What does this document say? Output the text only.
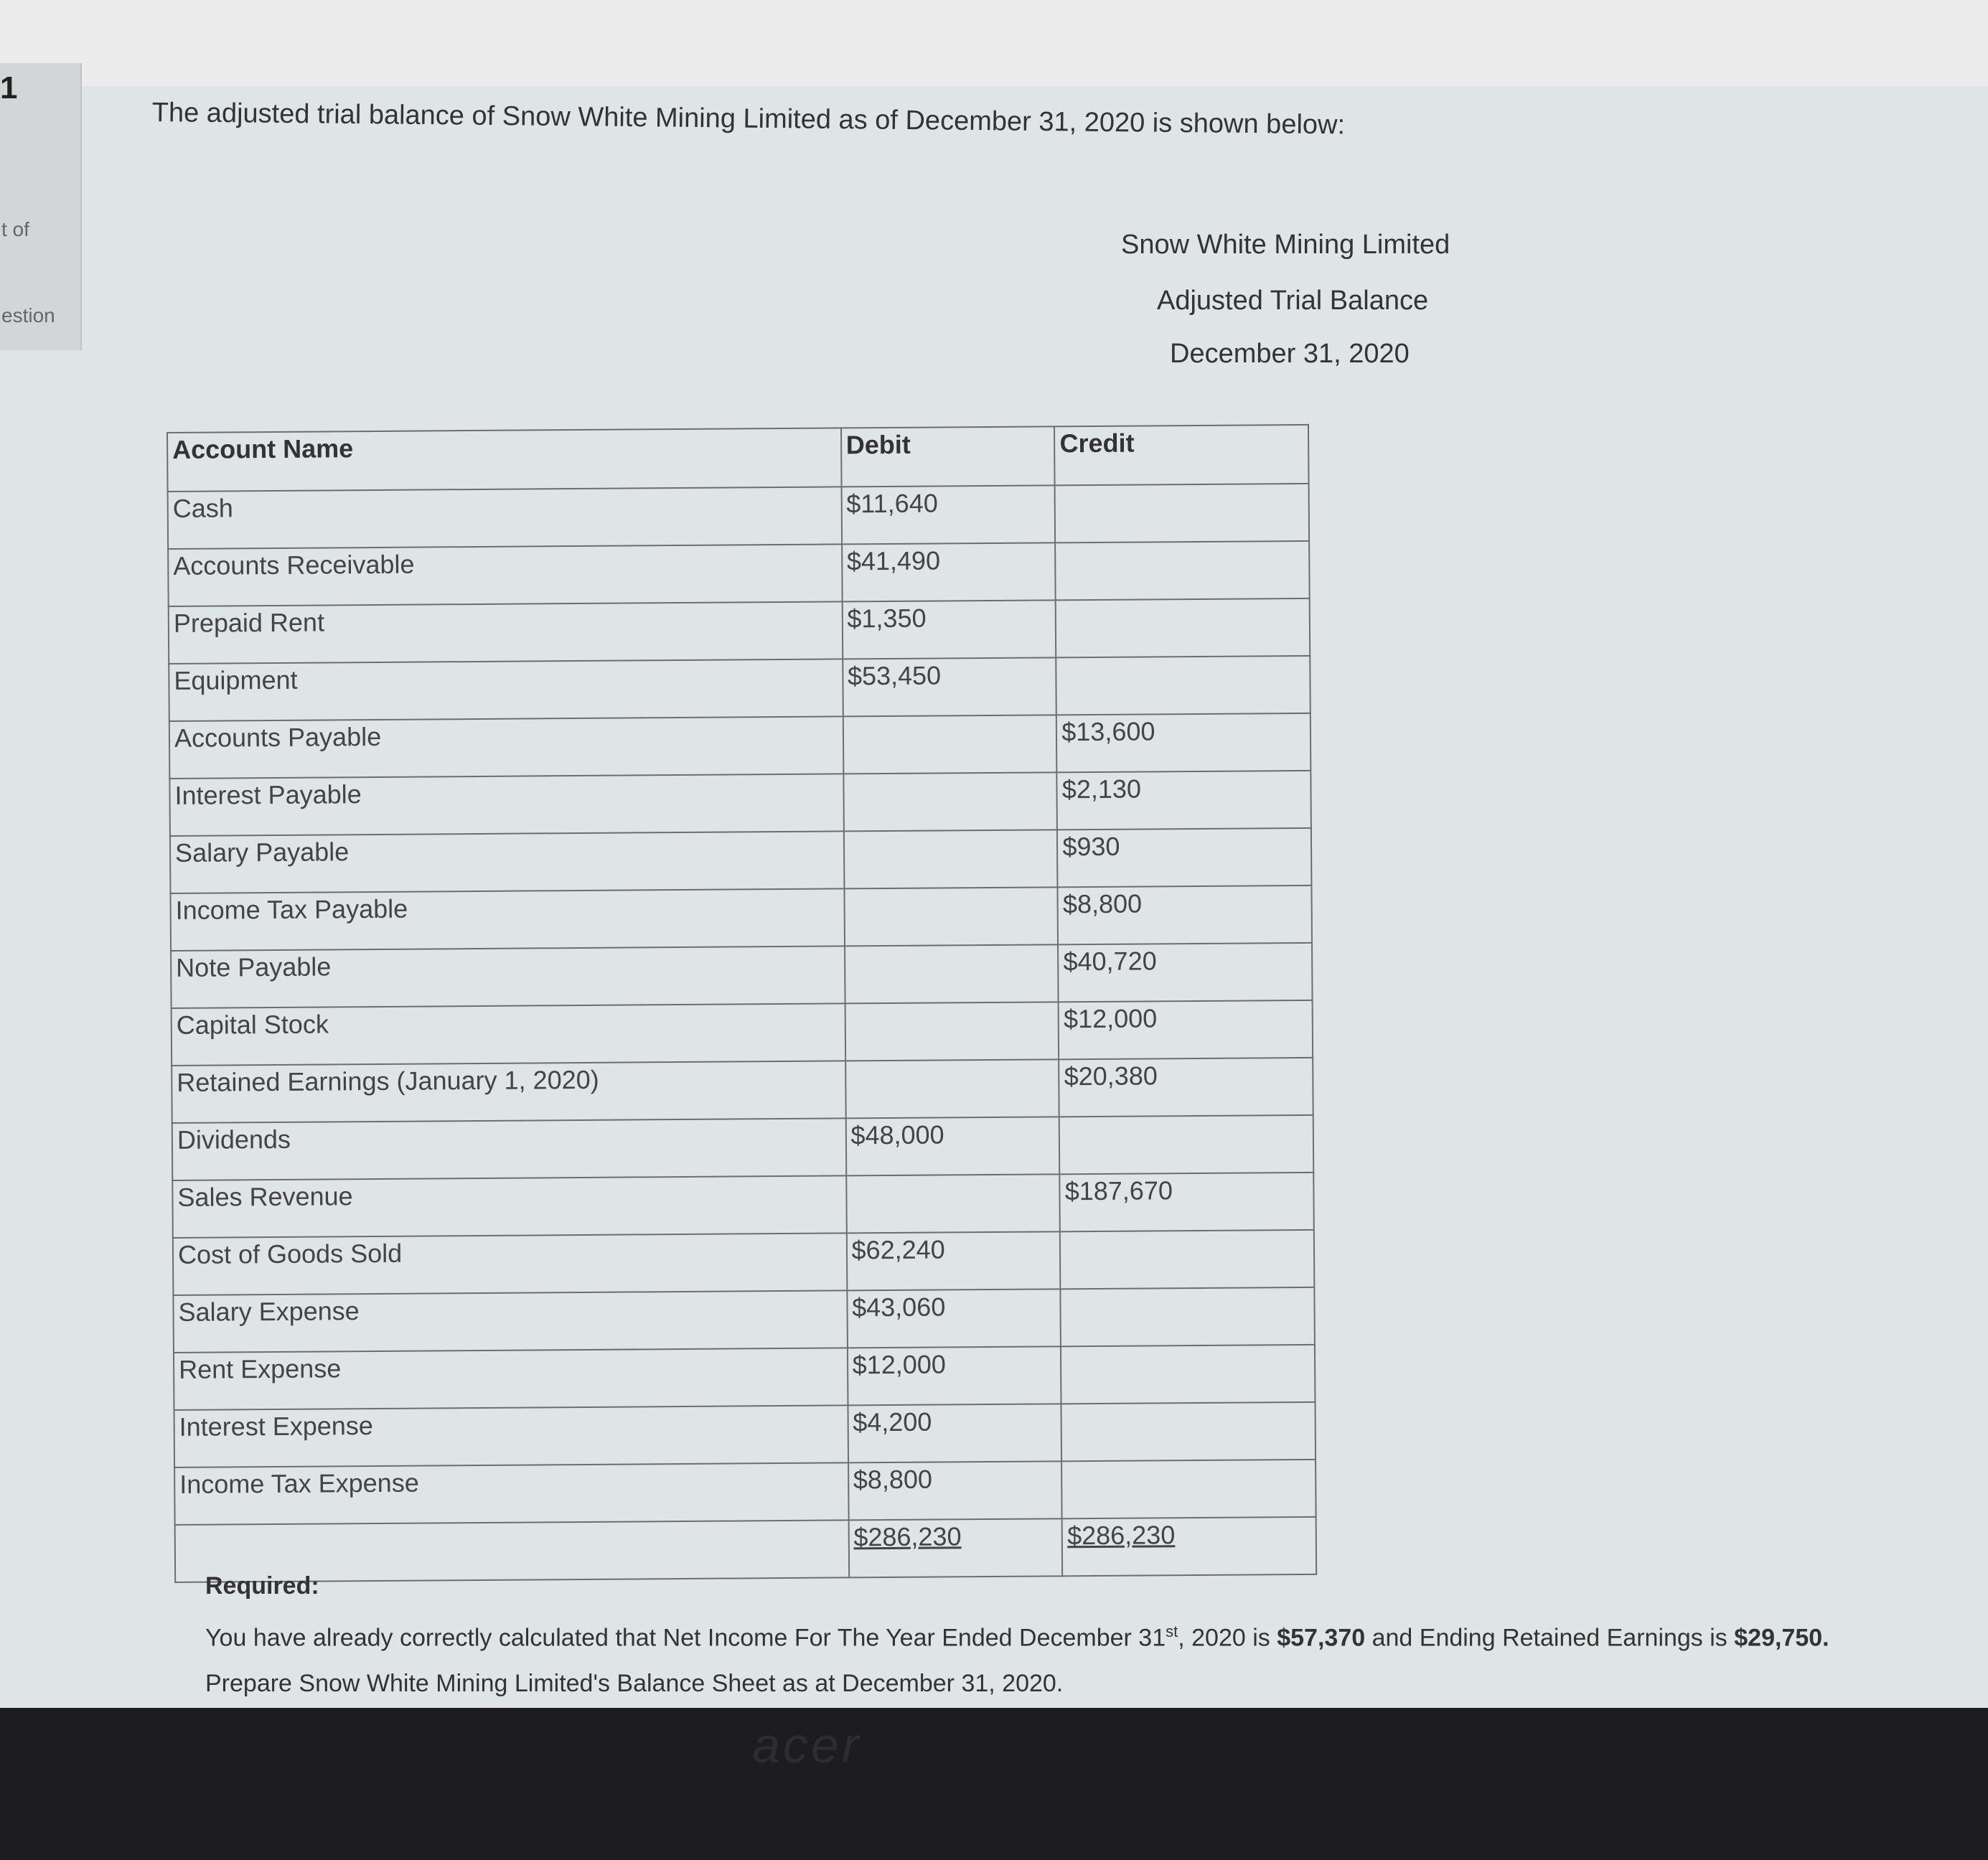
1
t of
estion
The adjusted trial balance of Snow White Mining Limited as of December 31, 2020 is shown below:
Snow White Mining Limited
Adjusted Trial Balance
December 31, 2020
Account Name	Debit	Credit
Cash	$11,640	
Accounts Receivable	$41,490	
Prepaid Rent	$1,350	
Equipment	$53,450	
Accounts Payable		$13,600
Interest Payable		$2,130
Salary Payable		$930
Income Tax Payable		$8,800
Note Payable		$40,720
Capital Stock		$12,000
Retained Earnings (January 1, 2020)		$20,380
Dividends	$48,000	
Sales Revenue		$187,670
Cost of Goods Sold	$62,240	
Salary Expense	$43,060	
Rent Expense	$12,000	
Interest Expense	$4,200	
Income Tax Expense	$8,800	
	$286,230	$286,230
Required:
You have already correctly calculated that Net Income For The Year Ended December 31st, 2020 is $57,370 and Ending Retained Earnings is $29,750.
Prepare Snow White Mining Limited's Balance Sheet as at December 31, 2020.
acer
